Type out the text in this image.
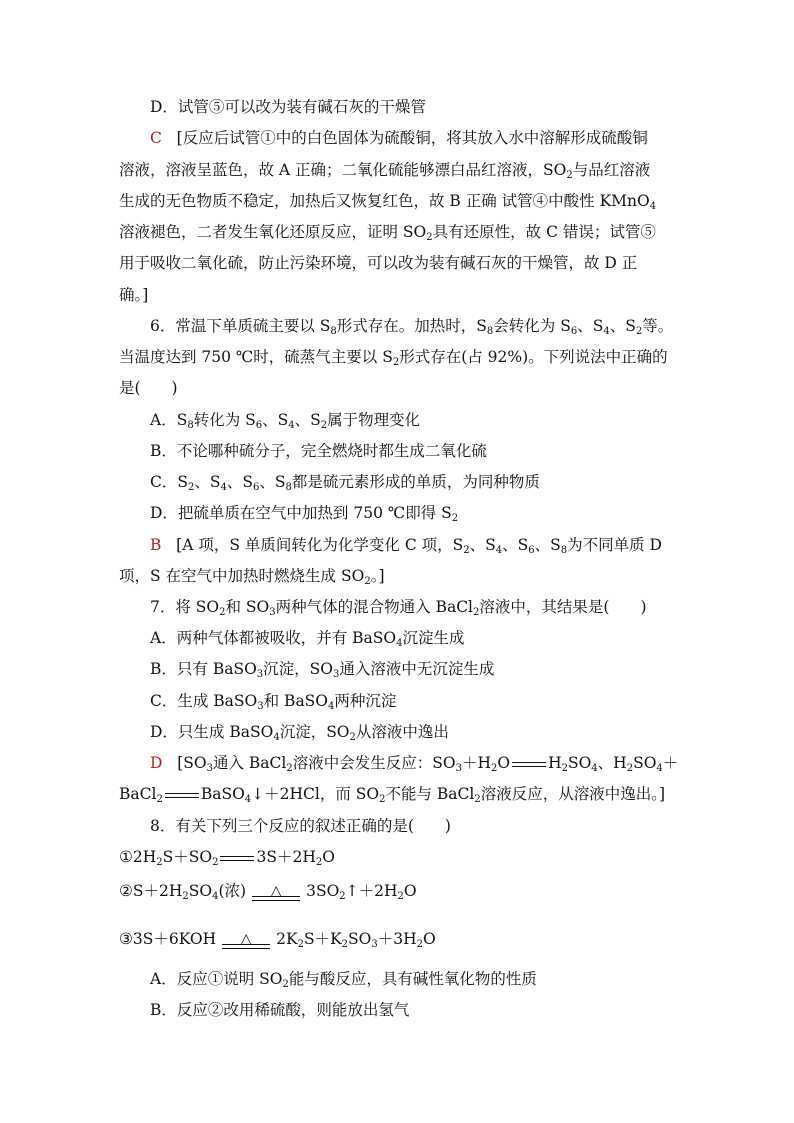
D．试管⑤可以改为装有碱石灰的干燥管
C [反应后试管①中的白色固体为硫酸铜，将其放入水中溶解形成硫酸铜
溶液，溶液呈蓝色，故 A 正确；二氧化硫能够漂白品红溶液，$SO_2$与品红溶液
生成的无色物质不稳定，加热后又恢复红色，故 B 正确 试管④中酸性 KMnO$_4$
溶液褪色，二者发生氧化还原反应，证明 $SO_2$具有还原性，故 C 错误；试管⑤
用于吸收二氧化硫，防止污染环境，可以改为装有碱石灰的干燥管，故 D 正
确。]
6．常温下单质硫主要以 $S_8$形式存在。加热时，$S_8$会转化为 $S_6$、$S_4$、$S_2$等。
当温度达到 750 ℃时，硫蒸气主要以 $S_2$形式存在(占 92%)。下列说法中正确的
是(　　)
A．$S_8$转化为 $S_6$、$S_4$、$S_2$属于物理变化
B．不论哪种硫分子，完全燃烧时都生成二氧化硫
C．$S_2$、$S_4$、$S_6$、$S_8$都是硫元素形成的单质，为同种物质
D．把硫单质在空气中加热到 750 ℃即得 $S_2$
B [A 项，S 单质间转化为化学变化 C 项，$S_2$、$S_4$、$S_6$、$S_8$为不同单质 D
项，S 在空气中加热时燃烧生成 $SO_2$。]
7．将 $SO_2$和 $SO_3$两种气体的混合物通入 BaCl$_2$溶液中，其结果是(　　)
A．两种气体都被吸收，并有 BaSO$_4$沉淀生成
B．只有 BaSO$_3$沉淀，$SO_3$通入溶液中无沉淀生成
C．生成 BaSO$_3$和 BaSO$_4$两种沉淀
D．只生成 BaSO$_4$沉淀，$SO_2$从溶液中逸出
D [$SO_3$通入 BaCl$_2$溶液中会发生反应：$SO_3+H_2O$ $H_2SO_4$、$H_2SO_4+$
BaCl$_2$ BaSO$_4$↓＋2HCl，而 $SO_2$不能与 BaCl$_2$溶液反应，从溶液中逸出。]
8．有关下列三个反应的叙述正确的是(　　)
$①2H_2S+SO_2$ $3S+2H_2O$
$②S+2H_2SO_4$(浓)	△	$3SO_2↑+2H_2O$
③3S＋6KOH	△	$2K_2S+K_2SO_3+3H_2O$
A．反应①说明 $SO_2$能与酸反应，具有碱性氧化物的性质
B．反应②改用稀硫酸，则能放出氢气
